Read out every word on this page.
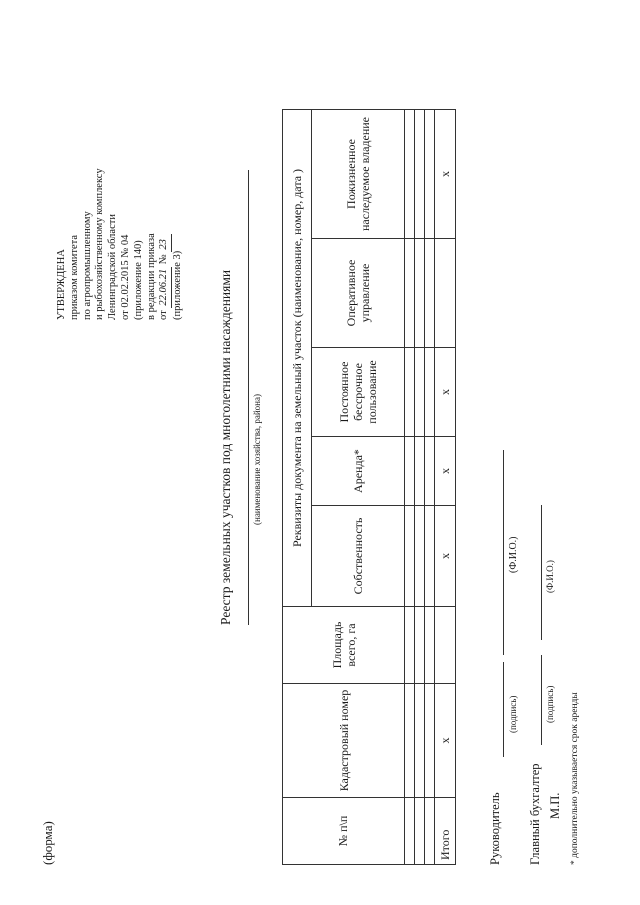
(форма)
УТВЕРЖДЕНА приказом комитета по агропромышленному и рыбохозяйственному комплексу Ленинградской области от 02.02.2015 № 04 (приложение 140) в редакции приказа от 22.06.21 № 23
(приложение 3)	Реестр земельных участков под многолетними насаждениями (наименование хозяйства, района)
№ п\п	Кадастровый номер	Площадь всего, га	Реквизиты документа на земельный участок (наименование, номер, дата )				
			Собственность	Аренда*	Постоянное бессрочное пользование	Оперативное управление	Пожизненное наследуемое владение

Итого	х		х	х	х		х
Руководитель
(подпись)
(Ф.И.О.)
Главный бухгалтер
(подпись)
(Ф.И.О.)
М.П. * дополнительно указывается срок аренды
